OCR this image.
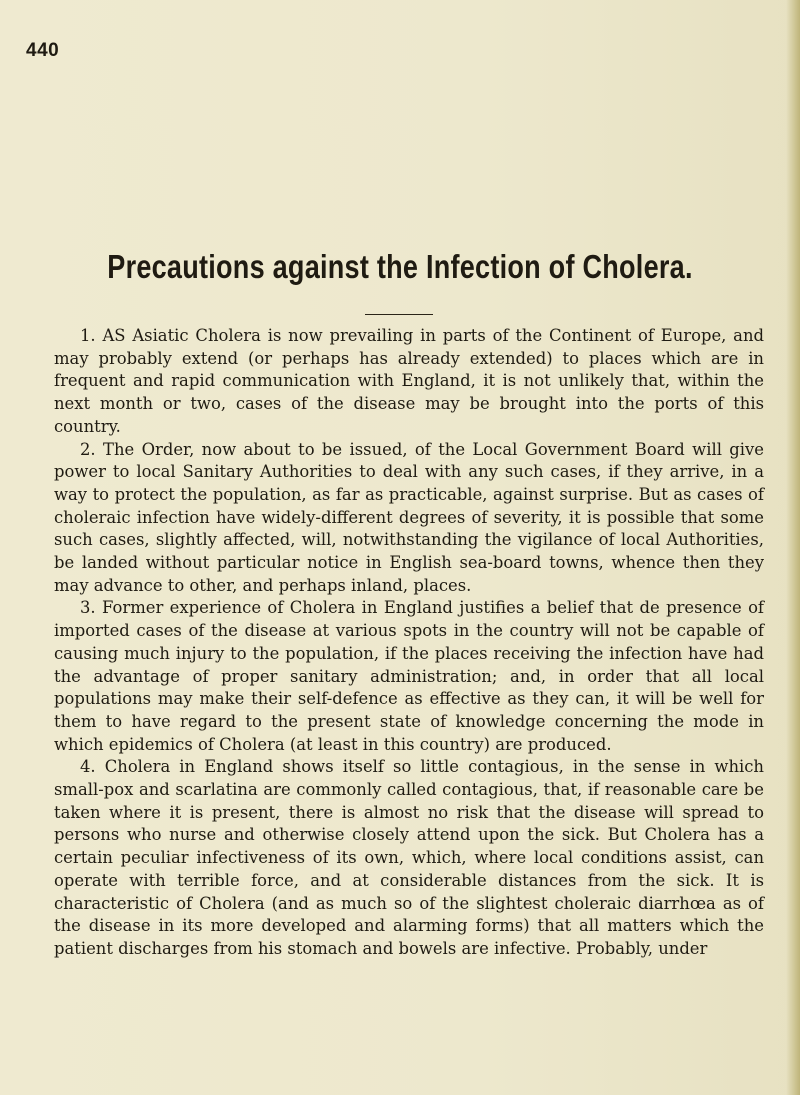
440
Precautions against the Infection of Cholera.

1. AS Asiatic Cholera is now prevailing in parts of the Continent of Europe, and may probably extend (or perhaps has already extended) to places which are in frequent and rapid communication with England, it is not unlikely that, within the next month or two, cases of the disease may be brought into the ports of this country.

2. The Order, now about to be issued, of the Local Government Board will give power to local Sanitary Authorities to deal with any such cases, if they arrive, in a way to protect the population, as far as practicable, against surprise. But as cases of choleraic infection have widely-different degrees of severity, it is possible that some such cases, slightly affected, will, notwithstanding the vigilance of local Authorities, be landed without particular notice in English sea-board towns, whence then they may advance to other, and perhaps inland, places.

3. Former experience of Cholera in England justifies a belief that de presence of imported cases of the disease at various spots in the country will not be capable of causing much injury to the population, if the places receiving the infection have had the advantage of proper sanitary administration; and, in order that all local populations may make their self-defence as effective as they can, it will be well for them to have regard to the present state of knowledge concerning the mode in which epidemics of Cholera (at least in this country) are produced.

4. Cholera in England shows itself so little contagious, in the sense in which small-pox and scarlatina are commonly called contagious, that, if reasonable care be taken where it is present, there is almost no risk that the disease will spread to persons who nurse and otherwise closely attend upon the sick. But Cholera has a certain peculiar infectiveness of its own, which, where local conditions assist, can operate with terrible force, and at considerable distances from the sick. It is characteristic of Cholera (and as much so of the slightest choleraic diarrhœa as of the disease in its more developed and alarming forms) that all matters which the patient discharges from his stomach and bowels are infective. Probably, under
